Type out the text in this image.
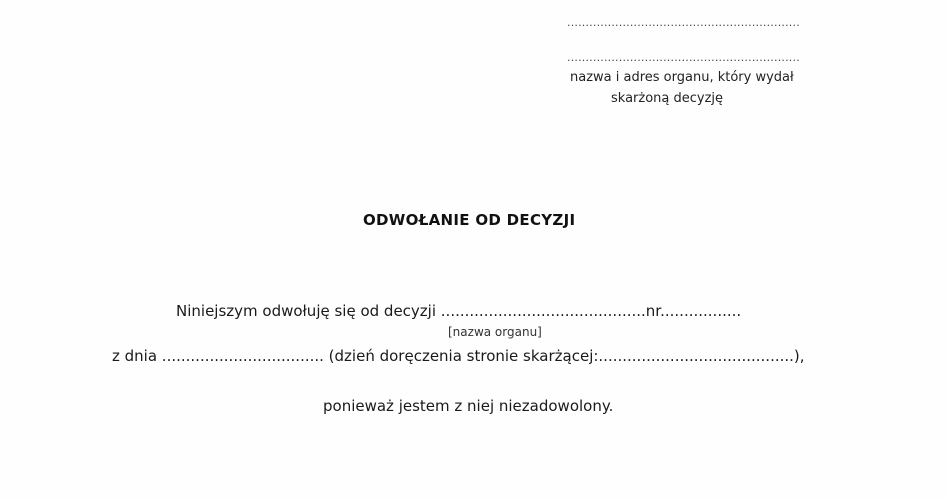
...............................................................
...............................................................
nazwa i adres organu, który wydał
skarżoną decyzję
ODWOŁANIE OD DECYZJI
Niniejszym odwołuję się od decyzji ...........................................nr.................
[nazwa organu]
z dnia .................................. (dzień doręczenia stronie skarżącej:.........................................),
ponieważ jestem z niej niezadowolony.
